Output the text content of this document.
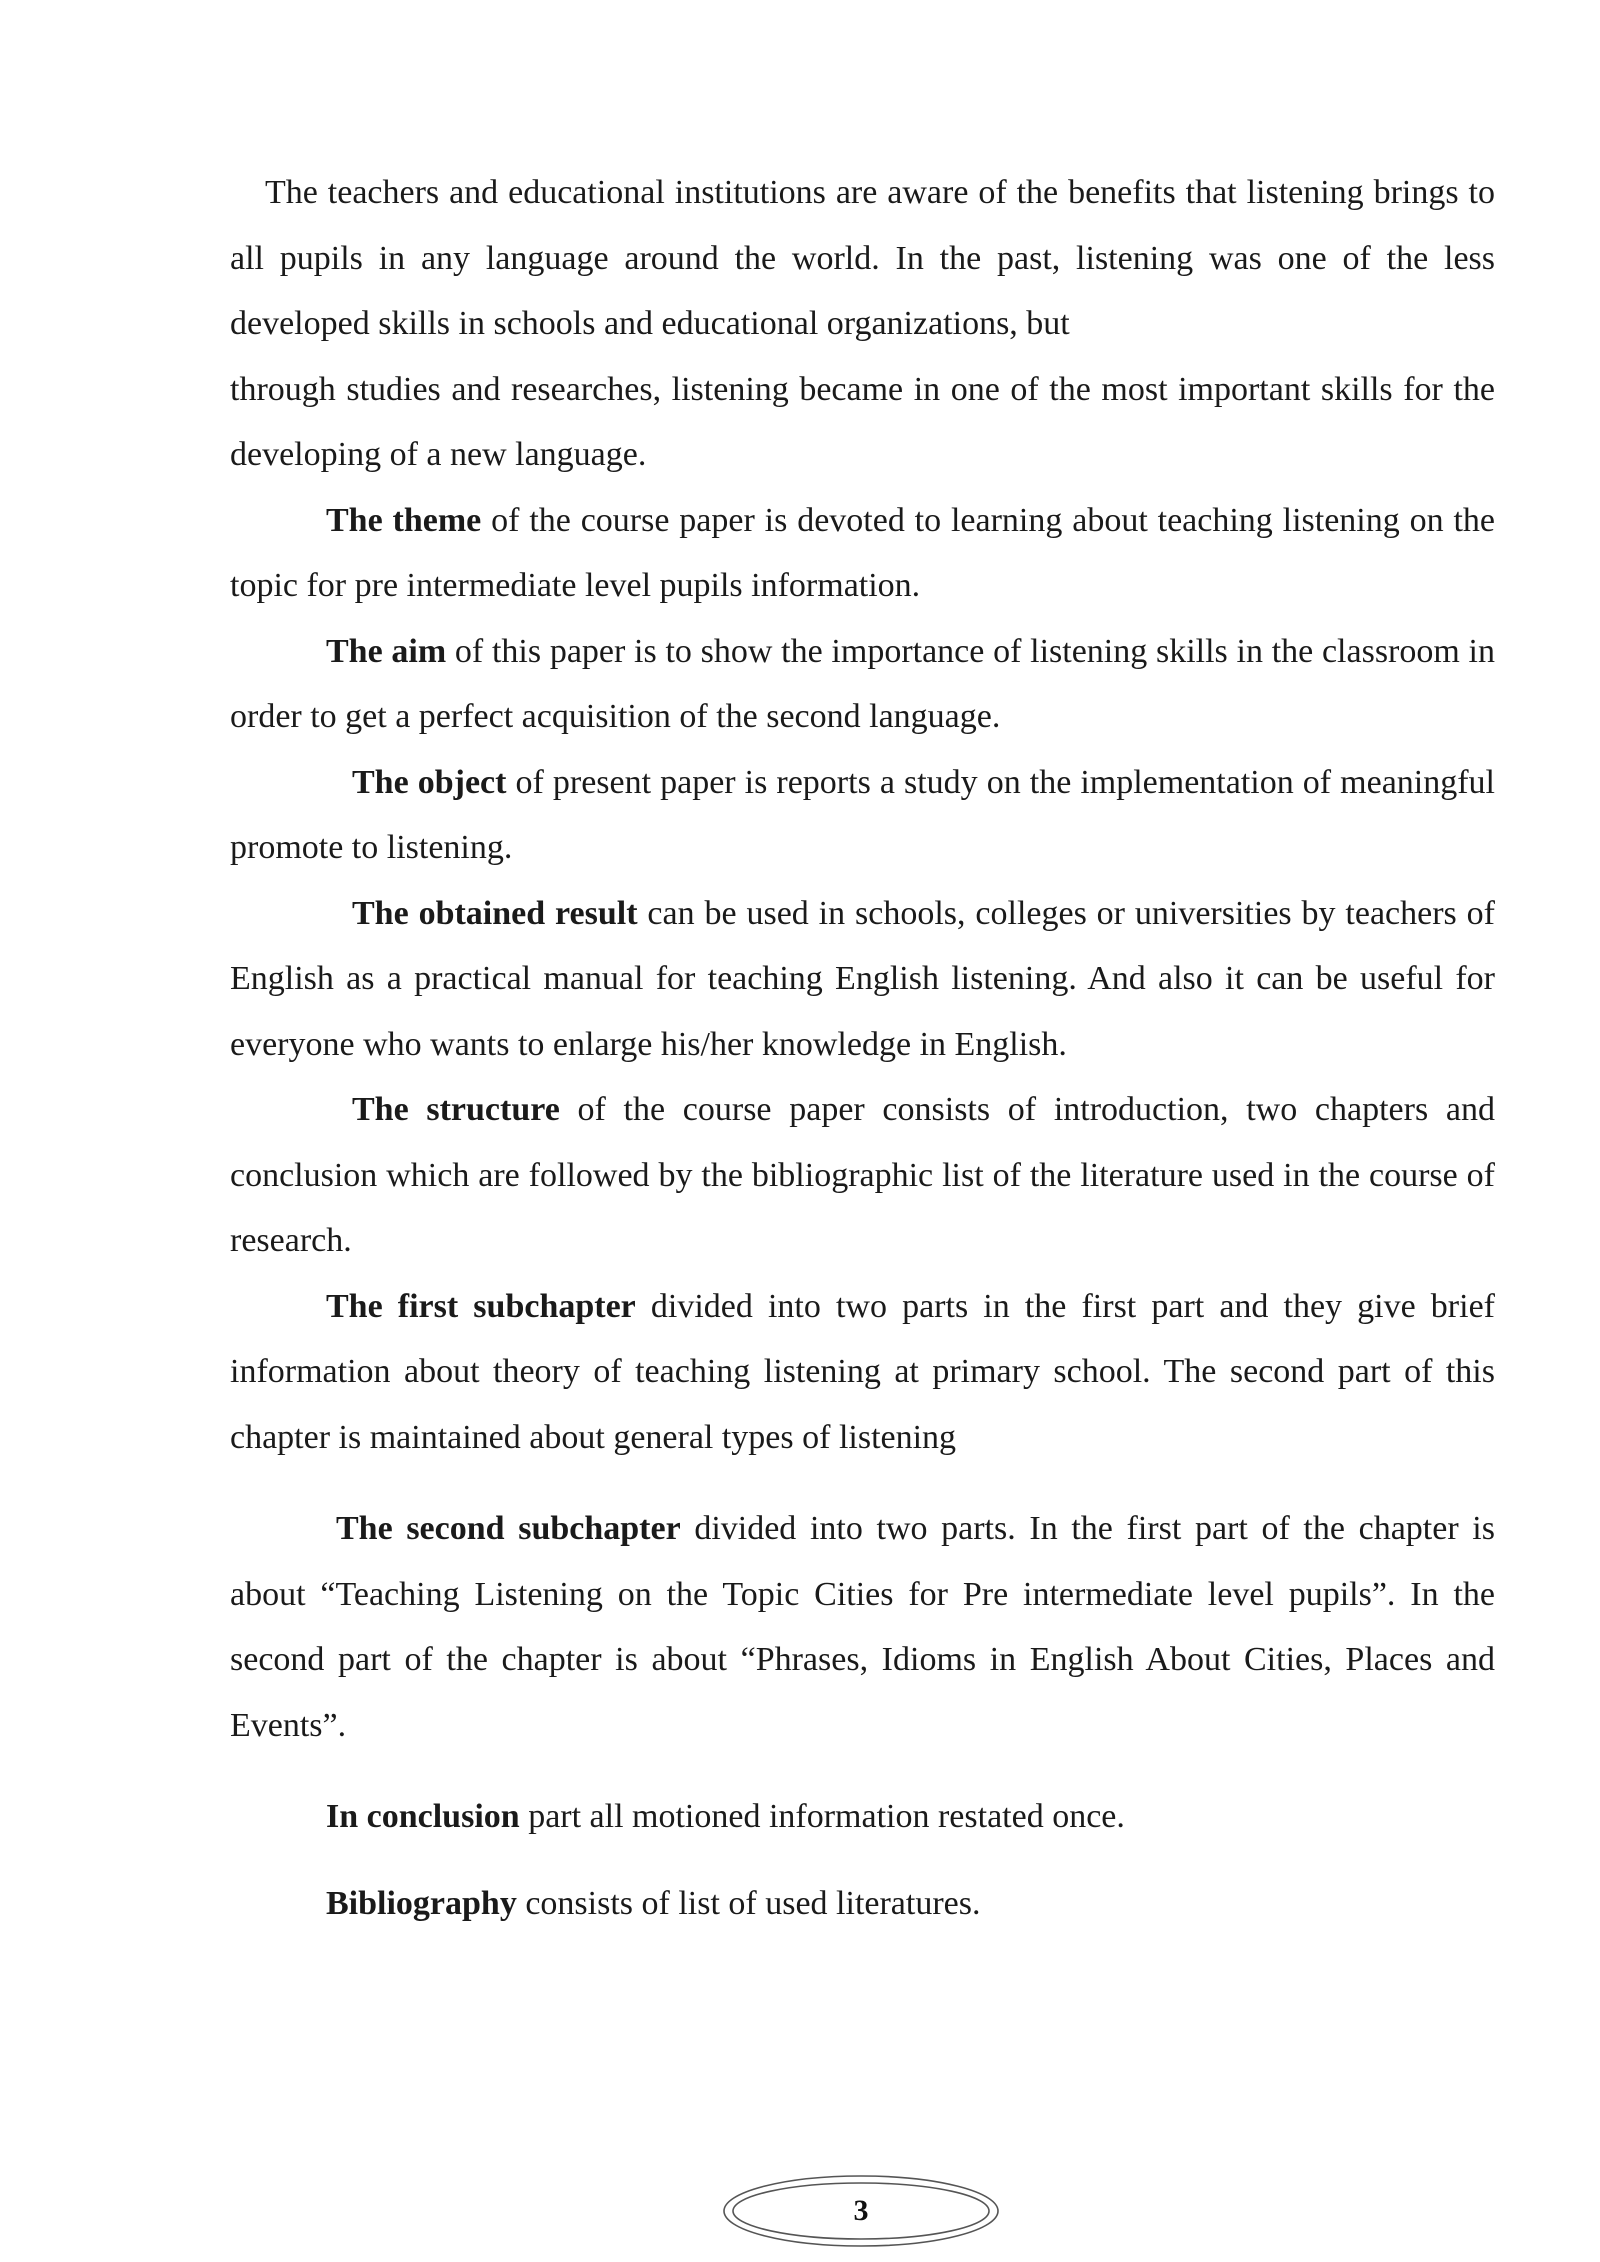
The teachers and educational institutions are aware of the benefits that listening brings to all pupils in any language around the world. In the past, listening was one of the less developed skills in schools and educational organizations, but
through studies and researches, listening became in one of the most important skills for the developing of a new language.

The theme of the course paper is devoted to learning about teaching listening on the topic for pre intermediate level pupils information.

The aim of this paper is to show the importance of listening skills in the classroom in order to get a perfect acquisition of the second language.

The object of present paper is reports a study on the implementation of meaningful promote to listening.

The obtained result can be used in schools, colleges or universities by teachers of English as a practical manual for teaching English listening. And also it can be useful for everyone who wants to enlarge his/her knowledge in English.

The structure of the course paper consists of introduction, two chapters and conclusion which are followed by the bibliographic list of the literature used in the course of research.

The first subchapter divided into two parts in the first part and they give brief information about theory of teaching listening at primary school. The second part of this chapter is maintained about general types of listening

The second subchapter divided into two parts. In the first part of the chapter is about “Teaching Listening on the Topic Cities for Pre intermediate level pupils”. In the second part of the chapter is about “Phrases, Idioms in English About Cities, Places and Events”.

In conclusion part all motioned information restated once.

Bibliography consists of list of used literatures.

3
